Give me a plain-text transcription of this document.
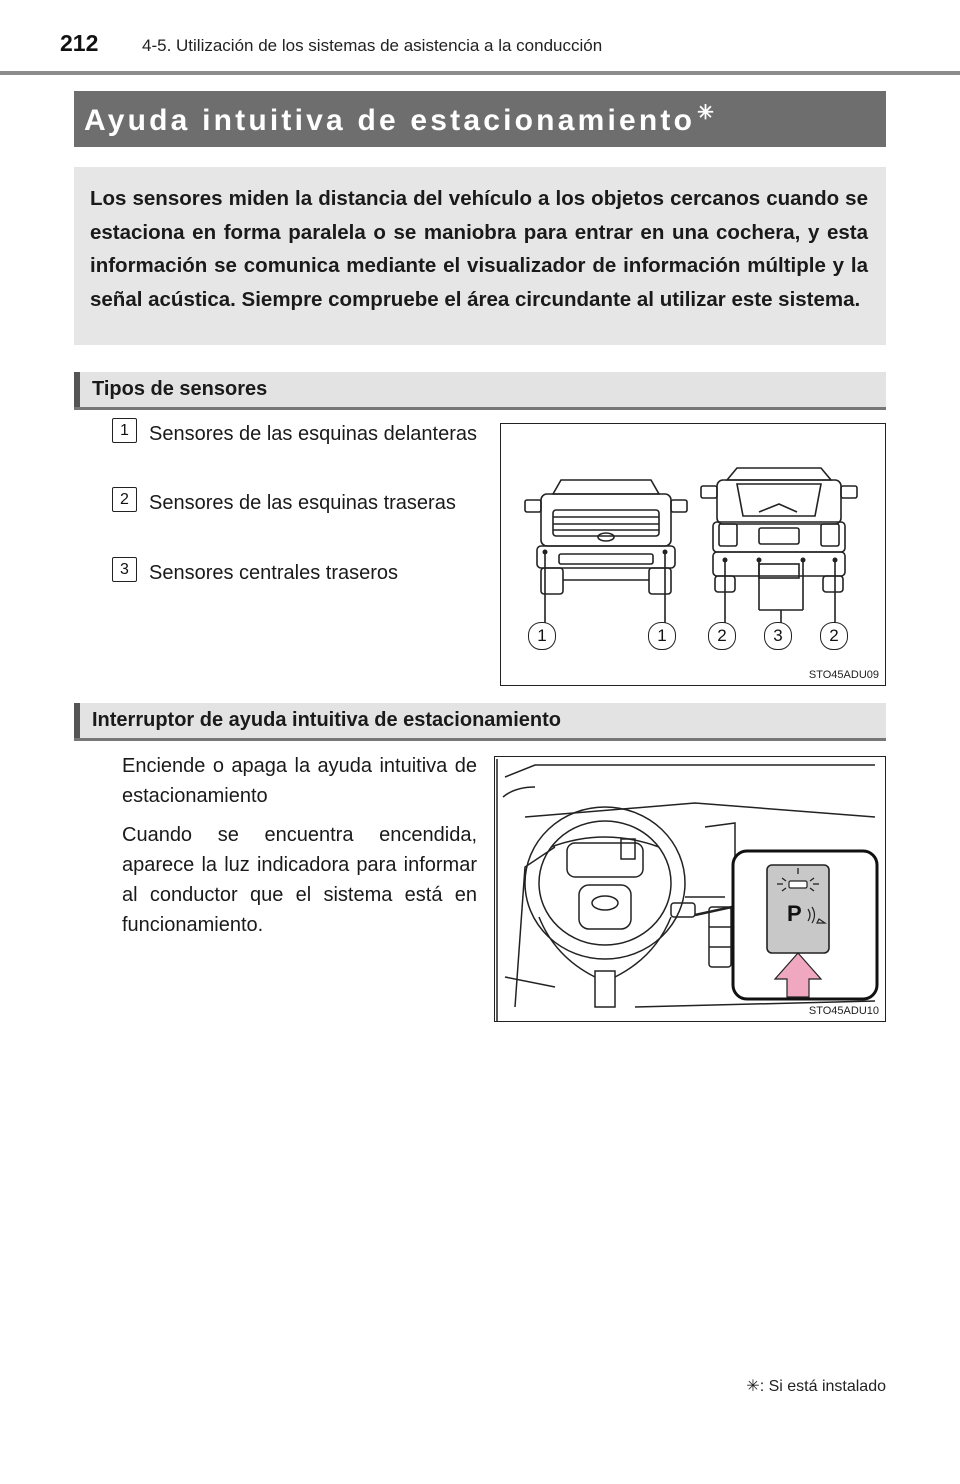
212	4-5. Utilización de los sistemas de asistencia a la conducción
Ayuda intuitiva de estacionamiento ✳
Los sensores miden la distancia del vehículo a los objetos cercanos cuando se estaciona en forma paralela o se maniobra para entrar en una cochera, y esta información se comunica mediante el visualizador de información múltiple y la señal acústica. Siempre compruebe el área circundante al utilizar este sistema.
Tipos de sensores
1	Sensores de las esquinas delanteras
2	Sensores de las esquinas traseras
3	Sensores centrales traseros
1	1	2	3	2
STO45ADU09
Interruptor de ayuda intuitiva de estacionamiento
Enciende o apaga la ayuda intuitiva de estacionamiento
Cuando se encuentra encendida, aparece la luz indicadora para informar al conductor que el sistema está en funcionamiento.	P
STO45ADU10
✳: Si está instalado
